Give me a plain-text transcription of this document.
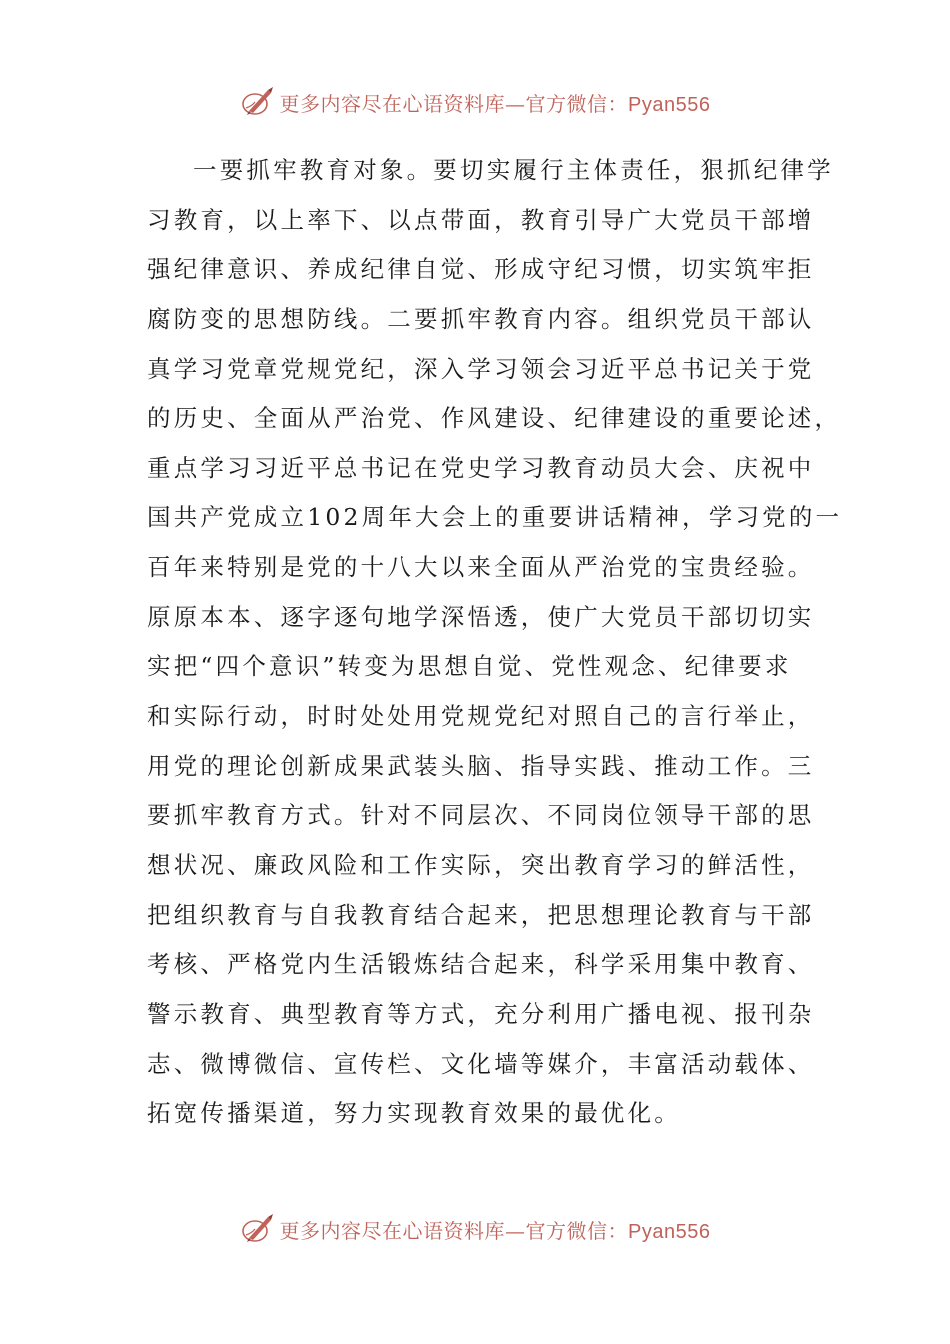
更多内容尽在心语资料库—官方微信：Pyan556
一要抓牢教育对象。要切实履行主体责任，狠抓纪律学
习教育，以上率下、以点带面，教育引导广大党员干部增
强纪律意识、养成纪律自觉、形成守纪习惯，切实筑牢拒
腐防变的思想防线。二要抓牢教育内容。组织党员干部认
真学习党章党规党纪，深入学习领会习近平总书记关于党
的历史、全面从严治党、作风建设、纪律建设的重要论述，
重点学习习近平总书记在党史学习教育动员大会、庆祝中
国共产党成立102周年大会上的重要讲话精神，学习党的一
百年来特别是党的十八大以来全面从严治党的宝贵经验。
原原本本、逐字逐句地学深悟透，使广大党员干部切切实
实把“四个意识”转变为思想自觉、党性观念、纪律要求
和实际行动，时时处处用党规党纪对照自己的言行举止，
用党的理论创新成果武装头脑、指导实践、推动工作。三
要抓牢教育方式。针对不同层次、不同岗位领导干部的思
想状况、廉政风险和工作实际，突出教育学习的鲜活性，
把组织教育与自我教育结合起来，把思想理论教育与干部
考核、严格党内生活锻炼结合起来，科学采用集中教育、
警示教育、典型教育等方式，充分利用广播电视、报刊杂
志、微博微信、宣传栏、文化墙等媒介，丰富活动载体、
拓宽传播渠道，努力实现教育效果的最优化。
更多内容尽在心语资料库—官方微信：Pyan556
